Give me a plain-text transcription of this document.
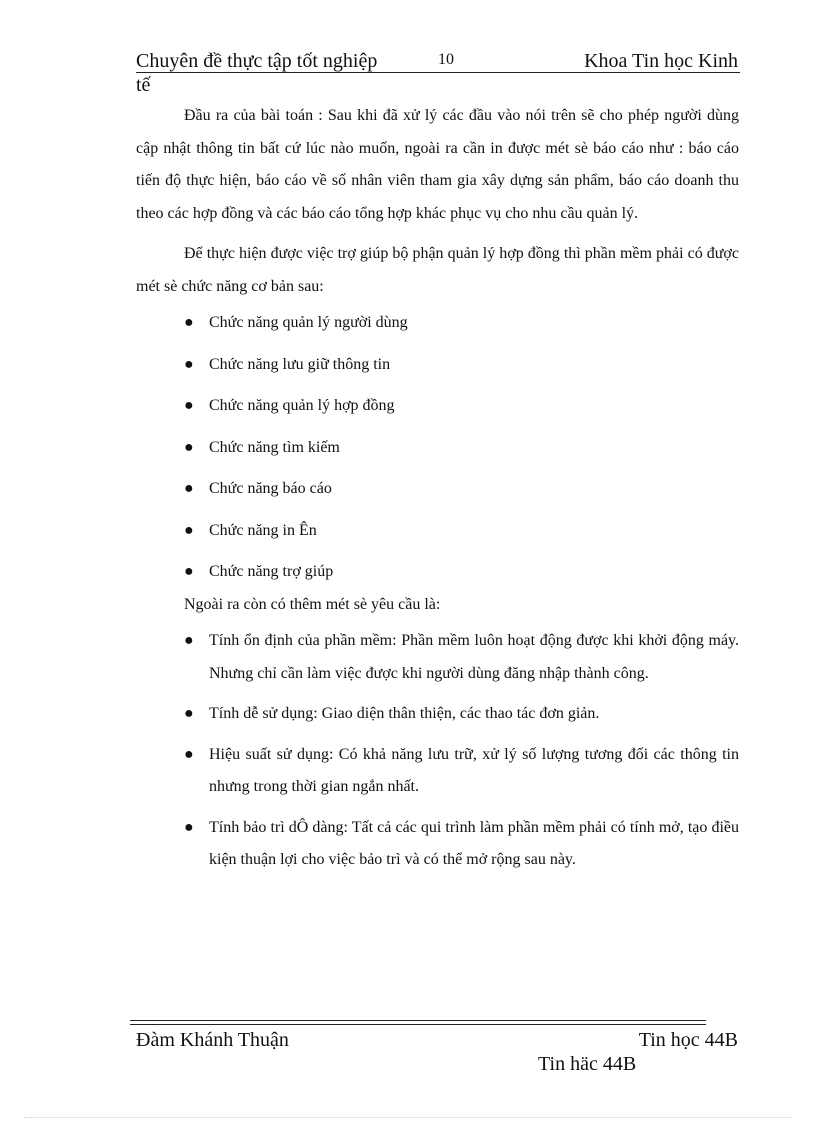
Chuyên đề thực tập tốt nghiệp	10	Khoa Tin học Kinh
tế

Đầu ra của bài toán : Sau khi đã xử lý các đầu vào nói trên sẽ cho phép người dùng cập nhật thông tin bất cứ lúc nào muốn, ngoài ra cần in được mét sè báo cáo như : báo cáo tiến độ thực hiện, báo cáo về số nhân viên tham gia xây dựng sản phẩm, báo cáo doanh thu theo các hợp đồng và các báo cáo tổng hợp khác phục vụ cho nhu cầu quản lý.

Để thực hiện được việc trợ giúp bộ phận quản lý hợp đồng thì phần mềm phải có được mét sè chức năng cơ bản sau:

● Chức năng quản lý người dùng
● Chức năng lưu giữ thông tin
● Chức năng quản lý hợp đồng
● Chức năng tìm kiếm
● Chức năng báo cáo
● Chức năng in Ên
● Chức năng trợ giúp

Ngoài ra còn có thêm mét sè yêu cầu là:

● Tính ổn định của phần mềm: Phần mềm luôn hoạt động được khi khởi động máy. Nhưng chỉ cần làm việc được khi người dùng đăng nhập thành công.
● Tính dễ sử dụng: Giao diện thân thiện, các thao tác đơn giản.
● Hiệu suất sử dụng: Có khả năng lưu trữ, xử lý số lượng tương đối các thông tin nhưng trong thời gian ngắn nhất.
● Tính bảo trì dÔ dàng: Tất cả các qui trình làm phần mềm phải có tính mở, tạo điều kiện thuận lợi cho việc bảo trì và có thể mở rộng sau này.
Đàm Khánh Thuận	Tin học 44B
Tin häc 44B
